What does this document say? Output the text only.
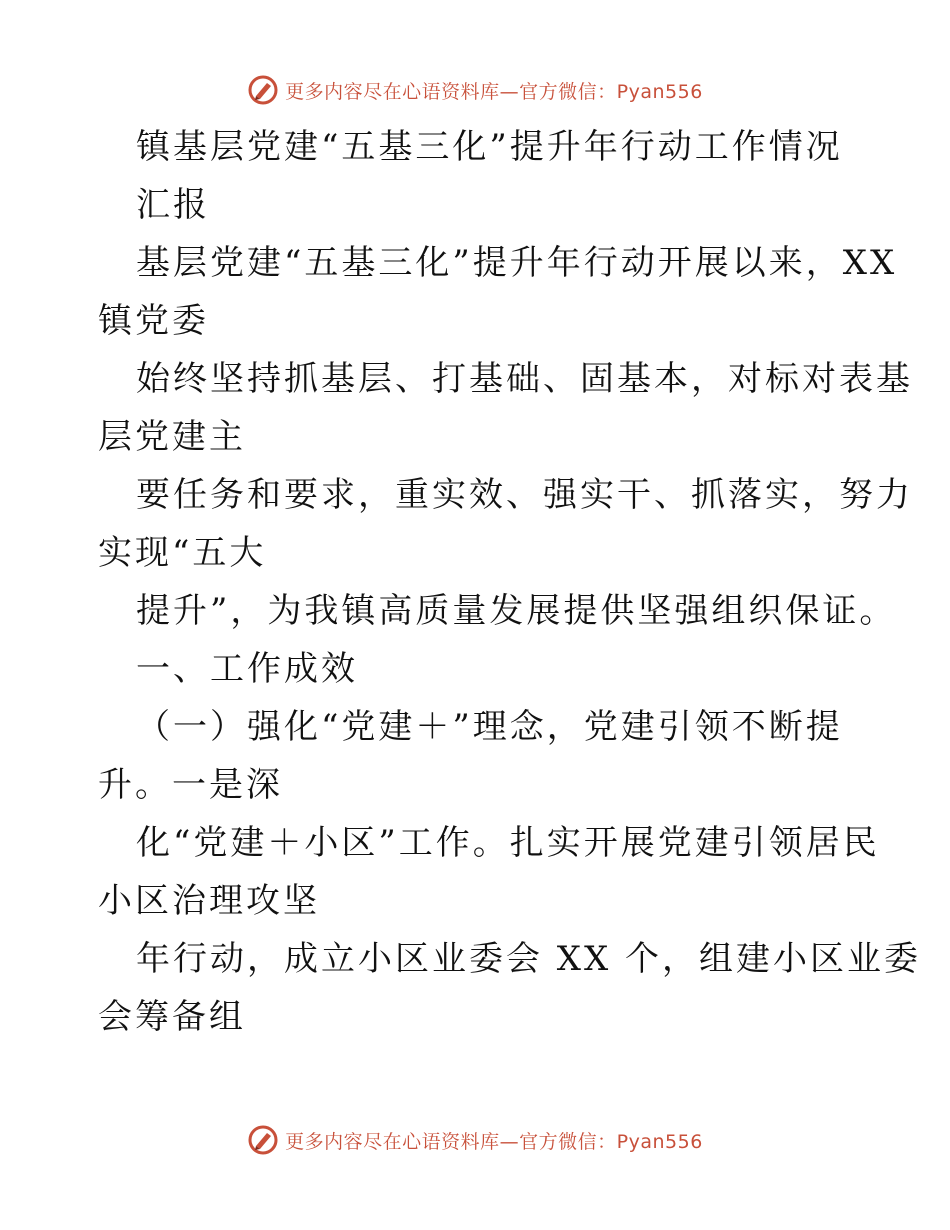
更多内容尽在心语资料库—官方微信：Pyan556

镇基层党建“五基三化”提升年行动工作情况

汇报

基层党建“五基三化”提升年行动开展以来，XX

镇党委

始终坚持抓基层、打基础、固基本，对标对表基

层党建主

要任务和要求，重实效、强实干、抓落实，努力

实现“五大

提升”，为我镇高质量发展提供坚强组织保证。

一、工作成效

（一）强化“党建＋”理念，党建引领不断提

升。一是深

化“党建＋小区”工作。扎实开展党建引领居民

小区治理攻坚

年行动，成立小区业委会 XX 个，组建小区业委

会筹备组

更多内容尽在心语资料库—官方微信：Pyan556
